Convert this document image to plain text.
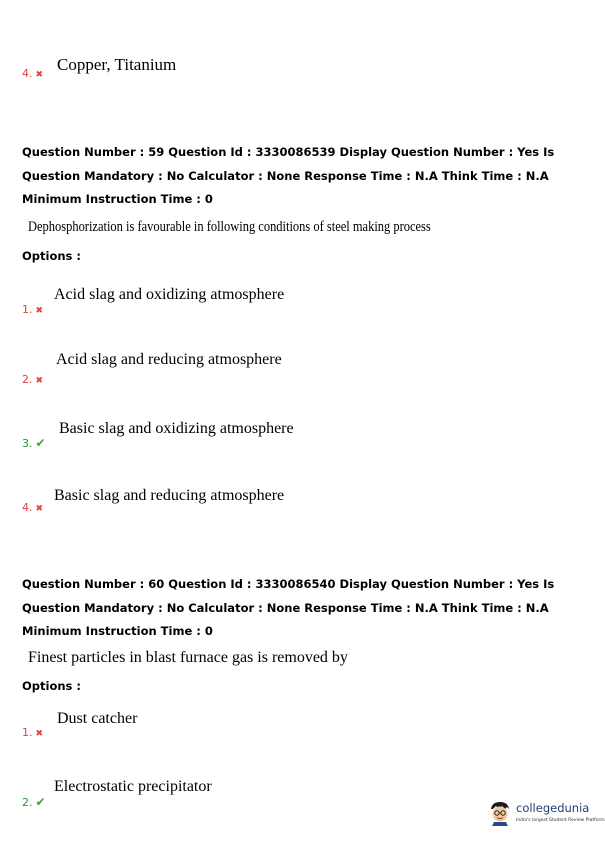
4. ✖
Copper, Titanium
Question Number : 59 Question Id : 3330086539 Display Question Number : Yes Is Question Mandatory : No Calculator : None Response Time : N.A Think Time : N.A Minimum Instruction Time : 0
Dephosphorization is favourable in following conditions of steel making process
Options :
1. ✖
Acid slag and oxidizing atmosphere
2. ✖
Acid slag and reducing atmosphere
3. ✔
Basic slag and oxidizing atmosphere
4. ✖
Basic slag and reducing atmosphere
Question Number : 60 Question Id : 3330086540 Display Question Number : Yes Is Question Mandatory : No Calculator : None Response Time : N.A Think Time : N.A Minimum Instruction Time : 0
Finest particles in blast furnace gas is removed by
Options :
1. ✖
Dust catcher
2. ✔
Electrostatic precipitator
collegedunia
India's largest Student Review Platform
